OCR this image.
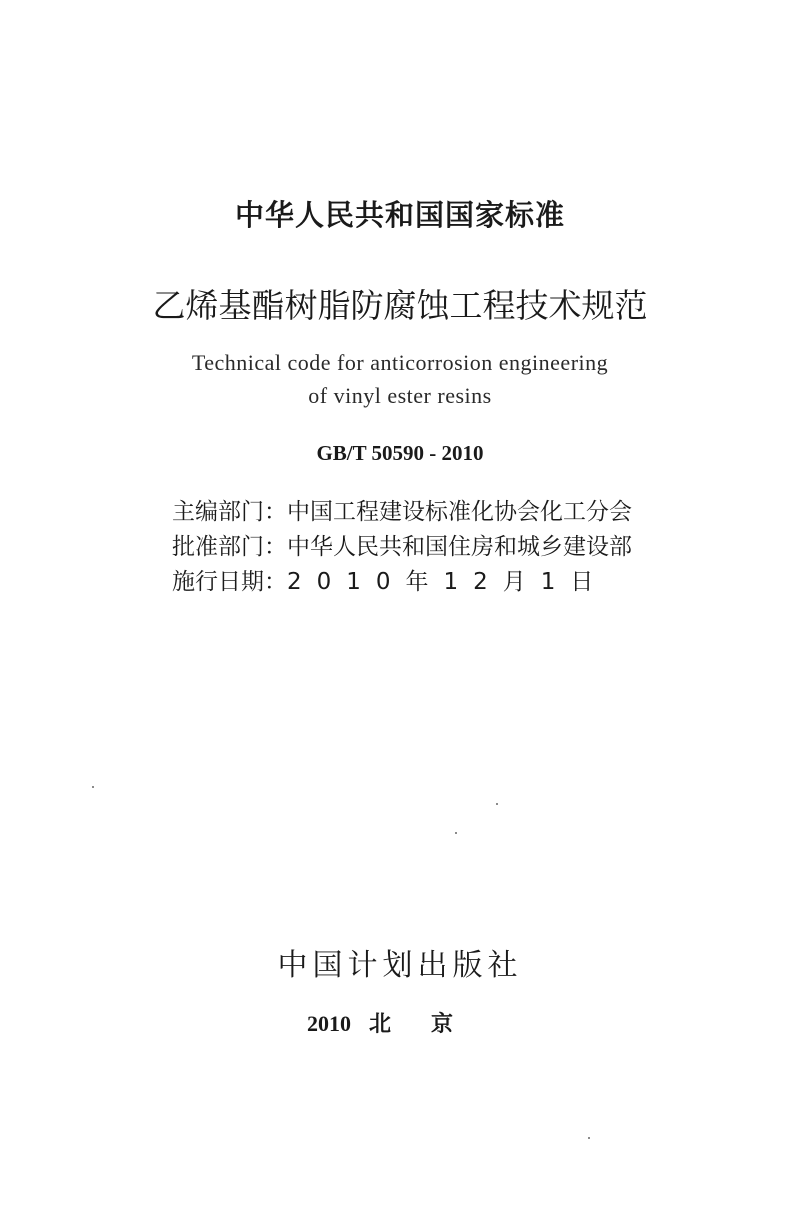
中华人民共和国国家标准
乙烯基酯树脂防腐蚀工程技术规范
Technical code for anticorrosion engineering
of vinyl ester resins
GB/T 50590 - 2010
主编部门：中国工程建设标准化协会化工分会
批准部门：中华人民共和国住房和城乡建设部
施行日期：2010年12月1日
中国计划出版社
2010 北京
